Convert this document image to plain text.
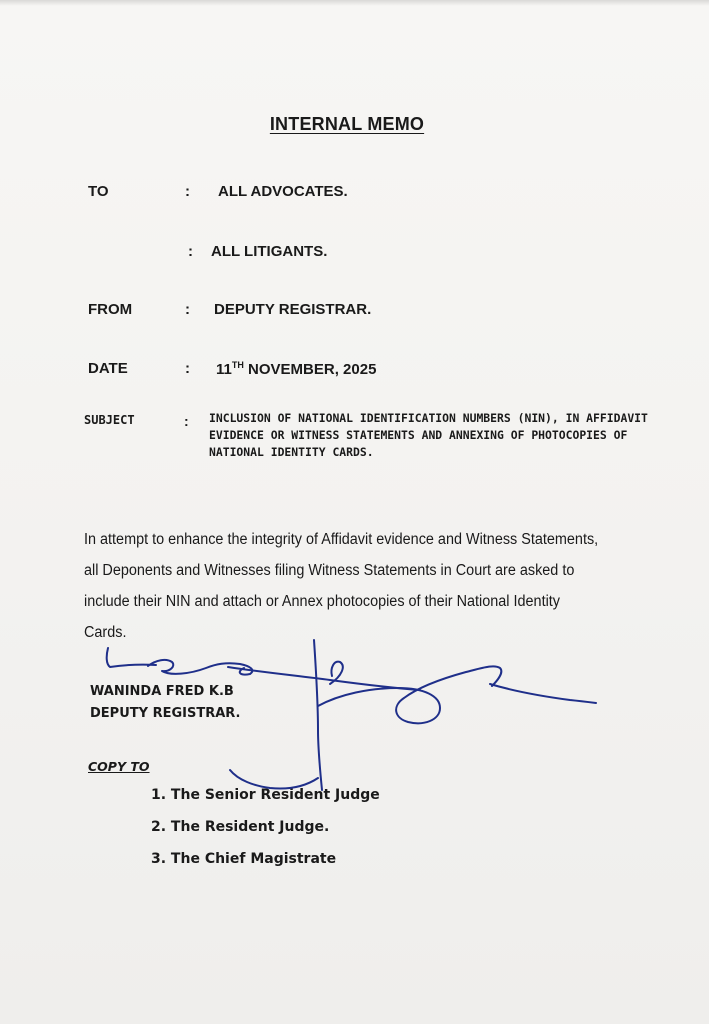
INTERNAL MEMO
TO	: ALL ADVOCATES.
: ALL LITIGANTS.
FROM	: DEPUTY REGISTRAR.
DATE	: 11TH NOVEMBER, 2025
SUBJECT	: INCLUSION OF NATIONAL IDENTIFICATION NUMBERS (NIN), IN AFFIDAVIT EVIDENCE OR WITNESS STATEMENTS AND ANNEXING OF PHOTOCOPIES OF NATIONAL IDENTITY CARDS.
In attempt to enhance the integrity of Affidavit evidence and Witness Statements, all Deponents and Witnesses filing Witness Statements in Court are asked to include their NIN and attach or Annex photocopies of their National Identity Cards.
WANINDA FRED K.B
DEPUTY REGISTRAR.
COPY TO
1. The Senior Resident Judge
2. The Resident Judge.
3. The Chief Magistrate
